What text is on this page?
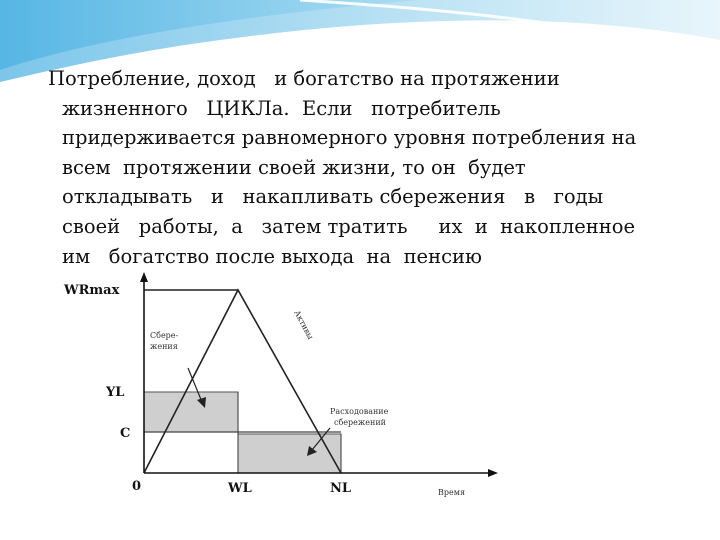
Потребление, доход   и богатство на протяжении
жизненного   ЦИКЛа.  Если   потребитель
придерживается равномерного уровня потребления на
всем  протяжении своей жизни, то он  будет
откладывать   и   накапливать сбережения   в   годы
своей   работы,  а   затем тратить     их  и  накопленное
им   богатство после выхода  на  пенсию
WRmax
YL
C
0	WL	NL	Время
Сбере-
жения
Активы
Расходование
сбережений
